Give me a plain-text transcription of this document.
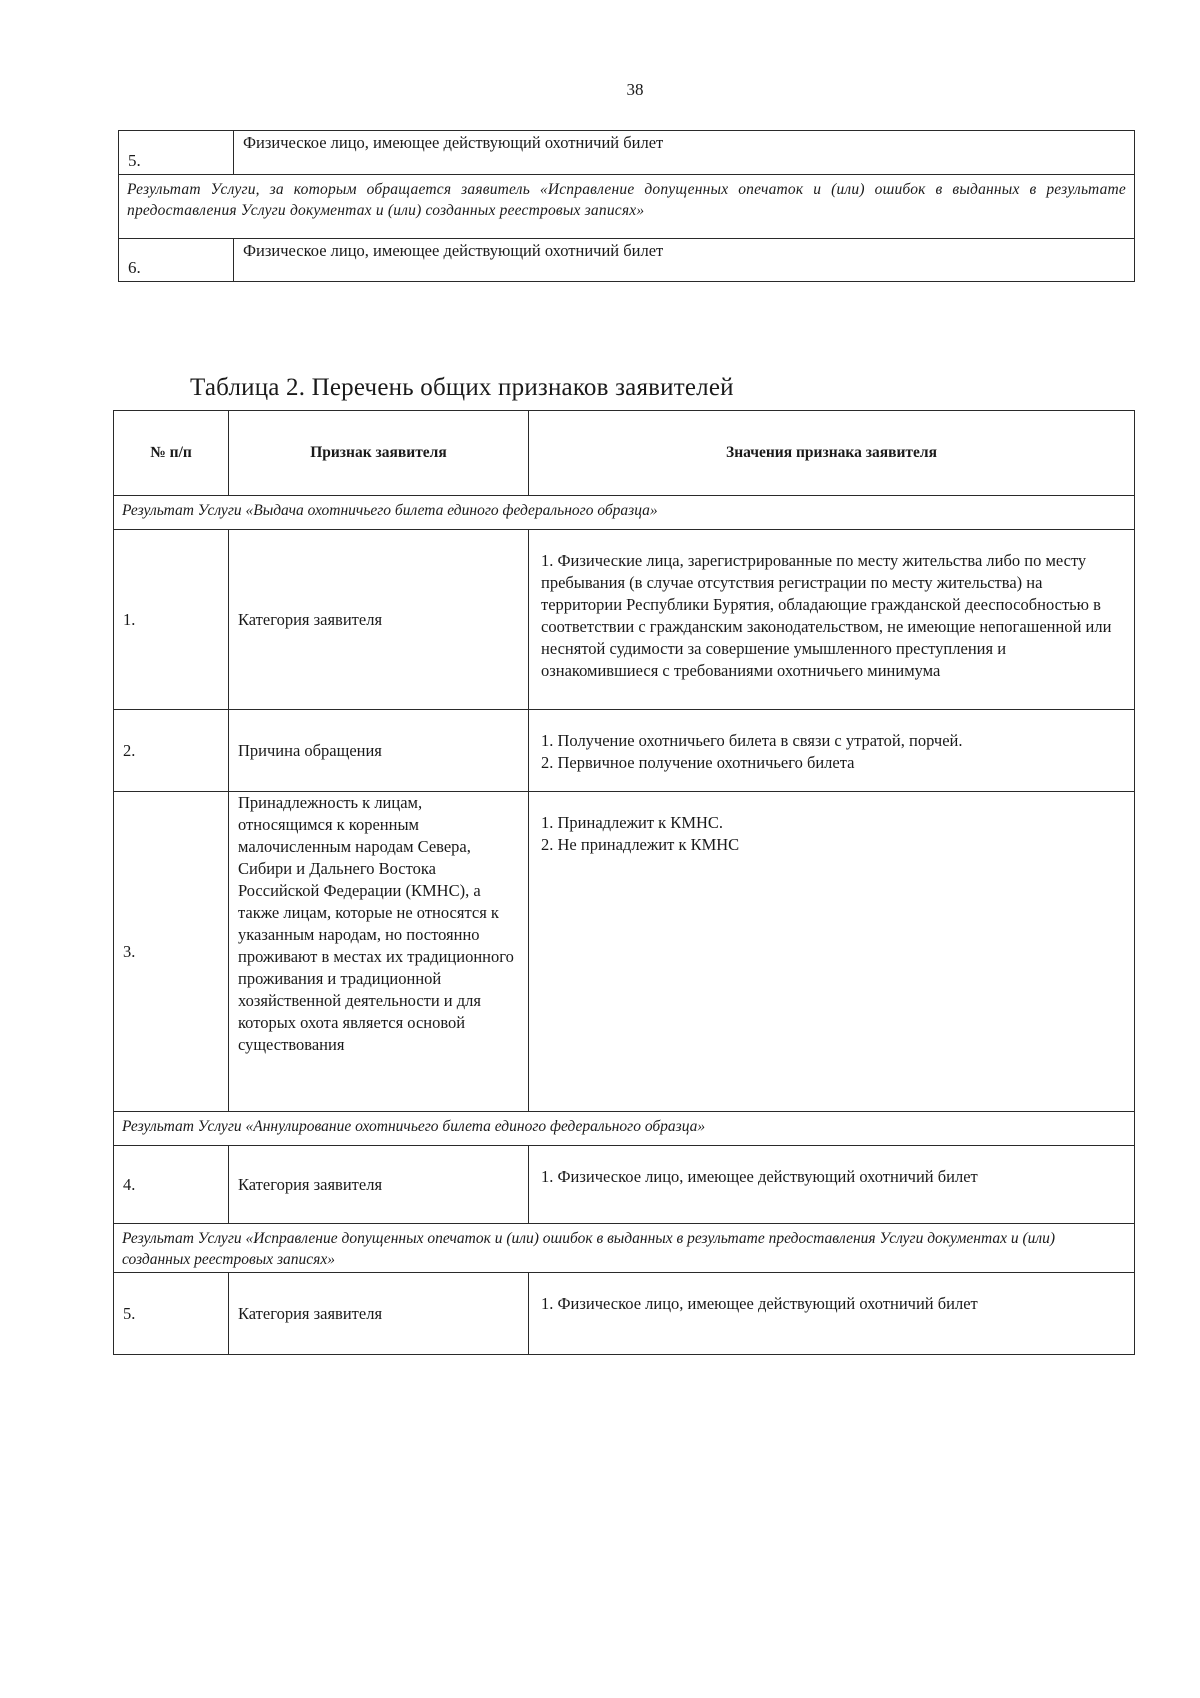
38
5.	Физическое лицо, имеющее действующий охотничий билет
Результат Услуги, за которым обращается заявитель «Исправление допущенных опечаток и (или) ошибок в выданных в результате предоставления Услуги документах и (или) созданных реестровых записях»	
6.	Физическое лицо, имеющее действующий охотничий билет
Таблица 2. Перечень общих признаков заявителей
№ п/п	Признак заявителя	Значения признака заявителя
Результат Услуги «Выдача охотничьего билета единого федерального образца»		
1.	Категория заявителя	1. Физические лица, зарегистрированные по месту жительства либо по месту пребывания (в случае отсутствия регистрации по месту жительства) на территории Республики Бурятия, обладающие гражданской дееспособностью в соответствии с гражданским законодательством, не имеющие непогашенной или неснятой судимости за совершение умышленного преступления и ознакомившиеся с требованиями охотничьего минимума

2.	Причина обращения	1. Получение охотничьего билета в связи с утратой, порчей.
2. Первичное получение охотничьего билета

3.	Принадлежность к лицам, относящимся к коренным малочисленным народам Севера, Сибири и Дальнего Востока Российской Федерации (КМНС), а также лицам, которые не относятся к указанным народам, но постоянно проживают в местах их традиционного проживания и традиционной хозяйственной деятельности и для которых охота является основой существования	1. Принадлежит к КМНС.
2. Не принадлежит к КМНС

Результат Услуги «Аннулирование охотничьего билета единого федерального образца»		
4.	Категория заявителя	1. Физическое лицо, имеющее действующий охотничий билет

Результат Услуги «Исправление допущенных опечаток и (или) ошибок в выданных в результате предоставления Услуги документах и (или) созданных реестровых записях»		
5.	Категория заявителя	1. Физическое лицо, имеющее действующий охотничий билет
